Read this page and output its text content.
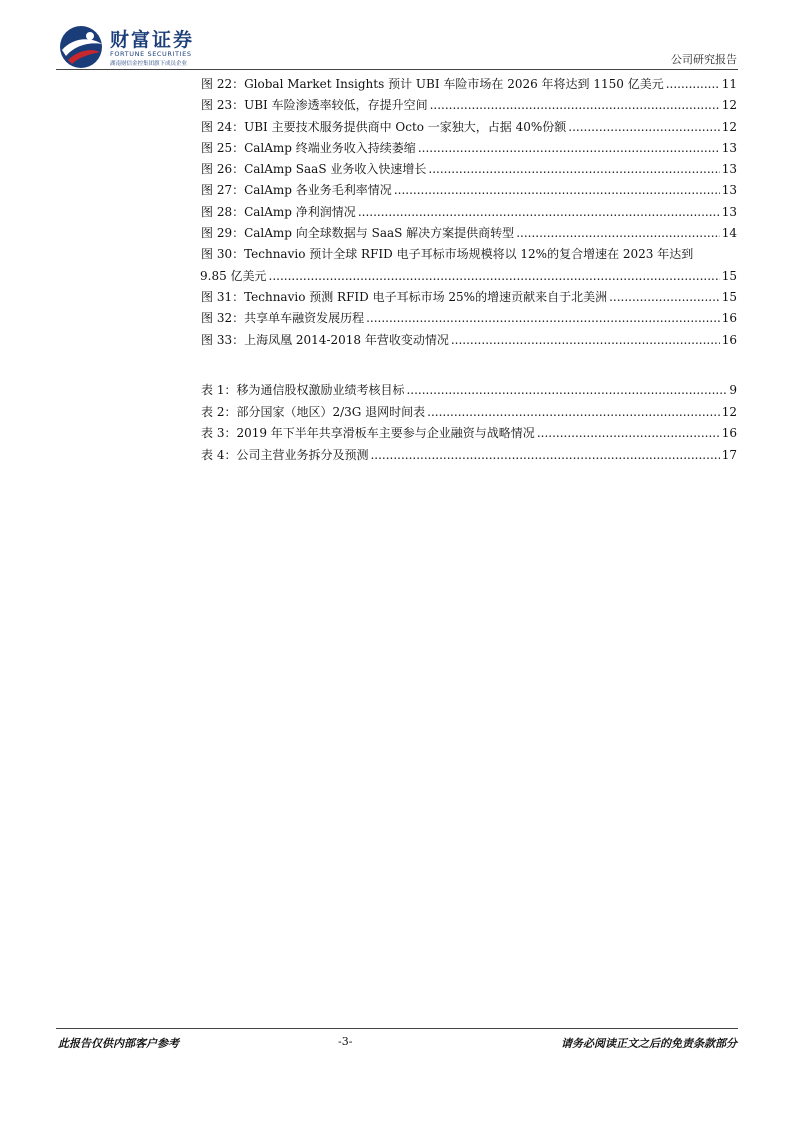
财富证券
FORTUNE SECURITIES
湖南财信金控集团旗下成员企业	公司研究报告
图 22：Global Market Insights 预计 UBI 车险市场在 2026 年将达到 1150 亿美元 .....	11
图 23：UBI 车险渗透率较低，存提升空间 .....	12
图 24：UBI 主要技术服务提供商中 Octo 一家独大，占据 40%份额 .....	12
图 25：CalAmp 终端业务收入持续萎缩 .....	13
图 26：CalAmp SaaS 业务收入快速增长 .....	13
图 27：CalAmp 各业务毛利率情况 .....	13
图 28：CalAmp 净利润情况 .....	13
图 29：CalAmp 向全球数据与 SaaS 解决方案提供商转型 .....	14
图 30：Technavio 预计全球 RFID 电子耳标市场规模将以 12%的复合增速在 2023 年达到
9.85 亿美元 .....	15
图 31：Technavio 预测 RFID 电子耳标市场 25%的增速贡献来自于北美洲 .....	15
图 32：共享单车融资发展历程 .....	16
图 33：上海凤凰 2014-2018 年营收变动情况 .....	16
表 1：移为通信股权激励业绩考核目标 .....	9
表 2：部分国家（地区）2/3G 退网时间表 .....	12
表 3：2019 年下半年共享滑板车主要参与企业融资与战略情况 .....	16
表 4：公司主营业务拆分及预测 .....	17
此报告仅供内部客户参考	-3-	请务必阅读正文之后的免责条款部分
